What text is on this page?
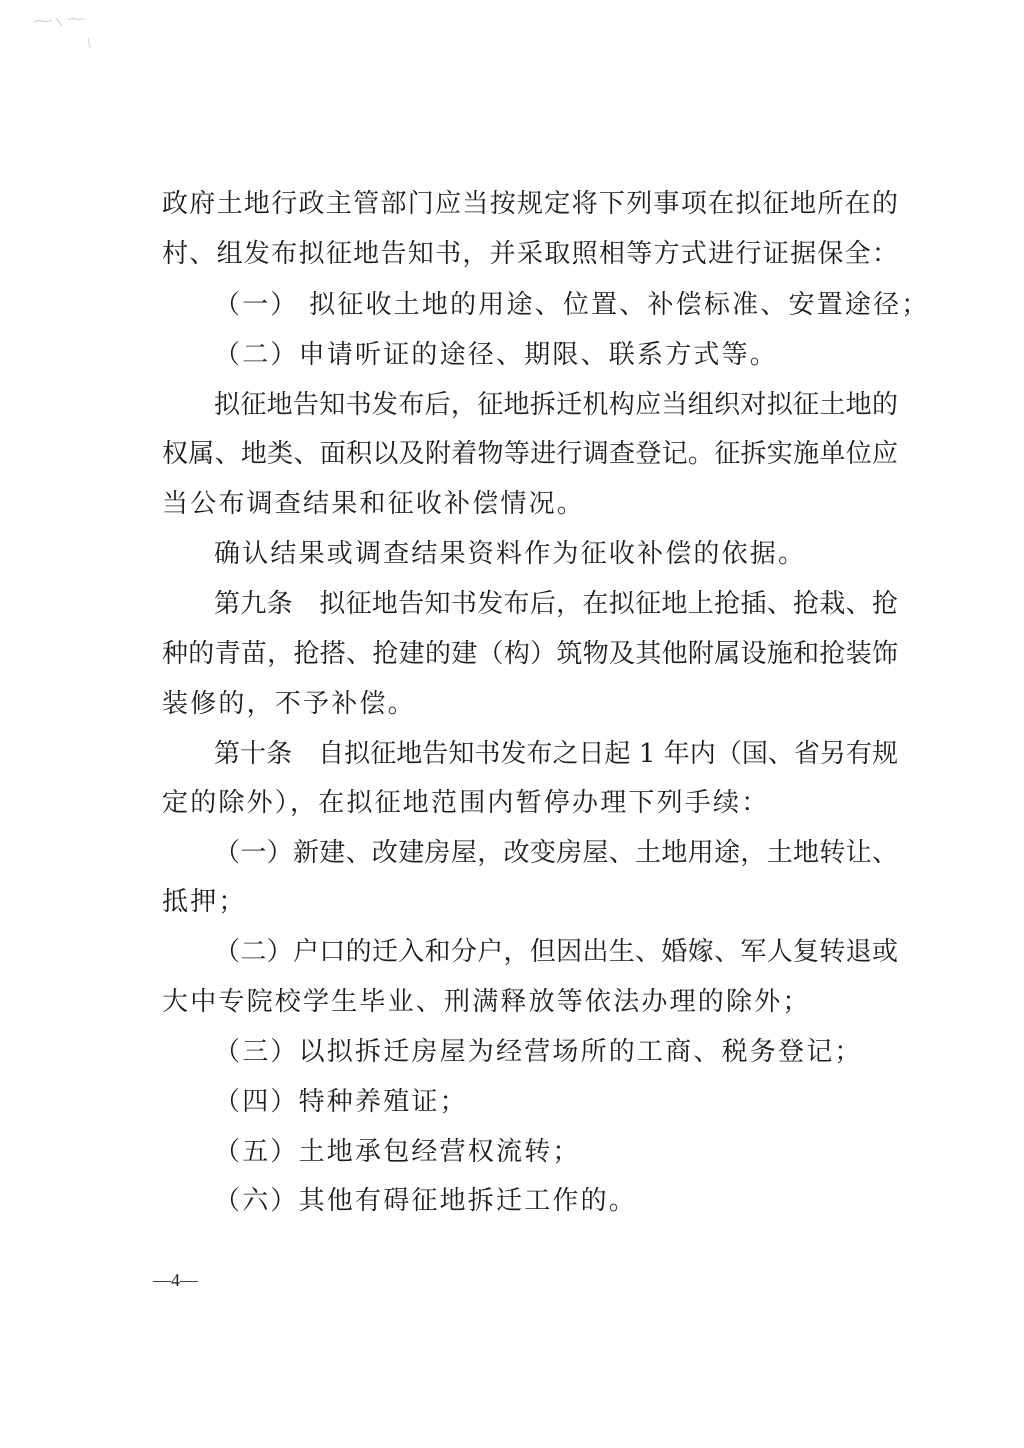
政府土地行政主管部门应当按规定将下列事项在拟征地所在的
村、组发布拟征地告知书，并采取照相等方式进行证据保全：
（一） 拟征收土地的用途、位置、补偿标准、安置途径；
（二）申请听证的途径、期限、联系方式等。
拟征地告知书发布后，征地拆迁机构应当组织对拟征土地的
权属、地类、面积以及附着物等进行调查登记。征拆实施单位应
当公布调查结果和征收补偿情况。
确认结果或调查结果资料作为征收补偿的依据。
第九条　拟征地告知书发布后，在拟征地上抢插、抢栽、抢
种的青苗，抢搭、抢建的建（构）筑物及其他附属设施和抢装饰
装修的，不予补偿。
第十条　自拟征地告知书发布之日起 1 年内（国、省另有规
定的除外），在拟征地范围内暂停办理下列手续：
（一）新建、改建房屋，改变房屋、土地用途，土地转让、
抵押；
（二）户口的迁入和分户，但因出生、婚嫁、军人复转退或
大中专院校学生毕业、刑满释放等依法办理的除外；
（三）以拟拆迁房屋为经营场所的工商、税务登记；
（四）特种养殖证；
（五）土地承包经营权流转；
（六）其他有碍征地拆迁工作的。
—4—
